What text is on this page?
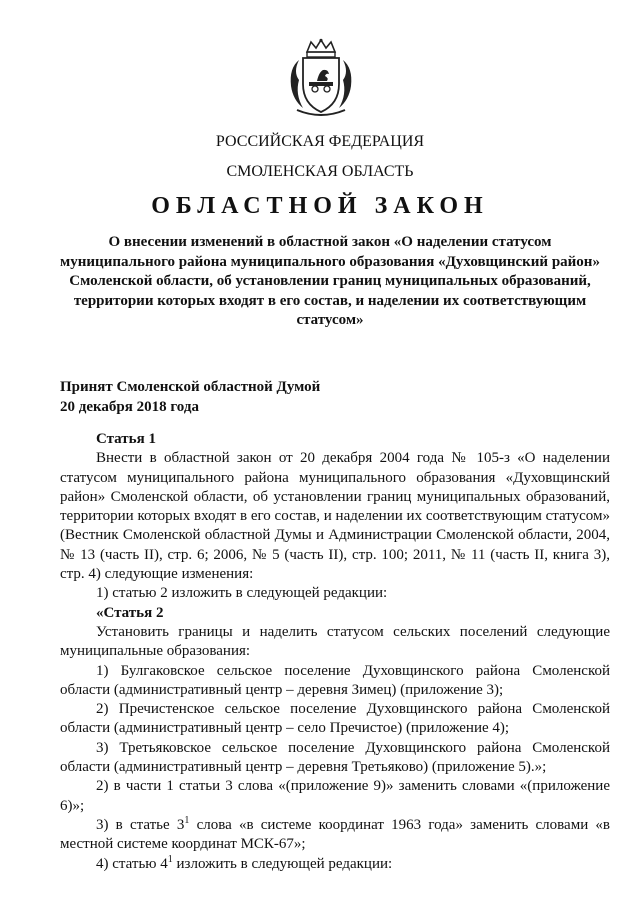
РОССИЙСКАЯ ФЕДЕРАЦИЯ
СМОЛЕНСКАЯ ОБЛАСТЬ
ОБЛАСТНОЙ ЗАКОН
О внесении изменений в областной закон «О наделении статусом муниципального района муниципального образования «Духовщинский район» Смоленской области, об установлении границ муниципальных образований, территории которых входят в его состав, и наделении их соответствующим статусом»
Принят Смоленской областной Думой
20 декабря 2018 года

Статья 1

Внести в областной закон от 20 декабря 2004 года № 105-з «О наделении статусом муниципального района муниципального образования «Духовщинский район» Смоленской области, об установлении границ муниципальных образований, территории которых входят в его состав, и наделении их соответствующим статусом» (Вестник Смоленской областной Думы и Администрации Смоленской области, 2004, № 13 (часть II), стр. 6; 2006, № 5 (часть II), стр. 100; 2011, № 11 (часть II, книга 3), стр. 4) следующие изменения:

1) статью 2 изложить в следующей редакции:

«Статья 2

Установить границы и наделить статусом сельских поселений следующие муниципальные образования:

1) Булгаковское сельское поселение Духовщинского района Смоленской области (административный центр – деревня Зимец) (приложение 3);

2) Пречистенское сельское поселение Духовщинского района Смоленской области (административный центр – село Пречистое) (приложение 4);

3) Третьяковское сельское поселение Духовщинского района Смоленской области (административный центр – деревня Третьяково) (приложение 5).»;

2) в части 1 статьи 3 слова «(приложение 9)» заменить словами «(приложение 6)»;

3) в статье $3^1$ слова «в системе координат 1963 года» заменить словами «в местной системе координат МСК-67»;

4) статью $4^1$ изложить в следующей редакции:
